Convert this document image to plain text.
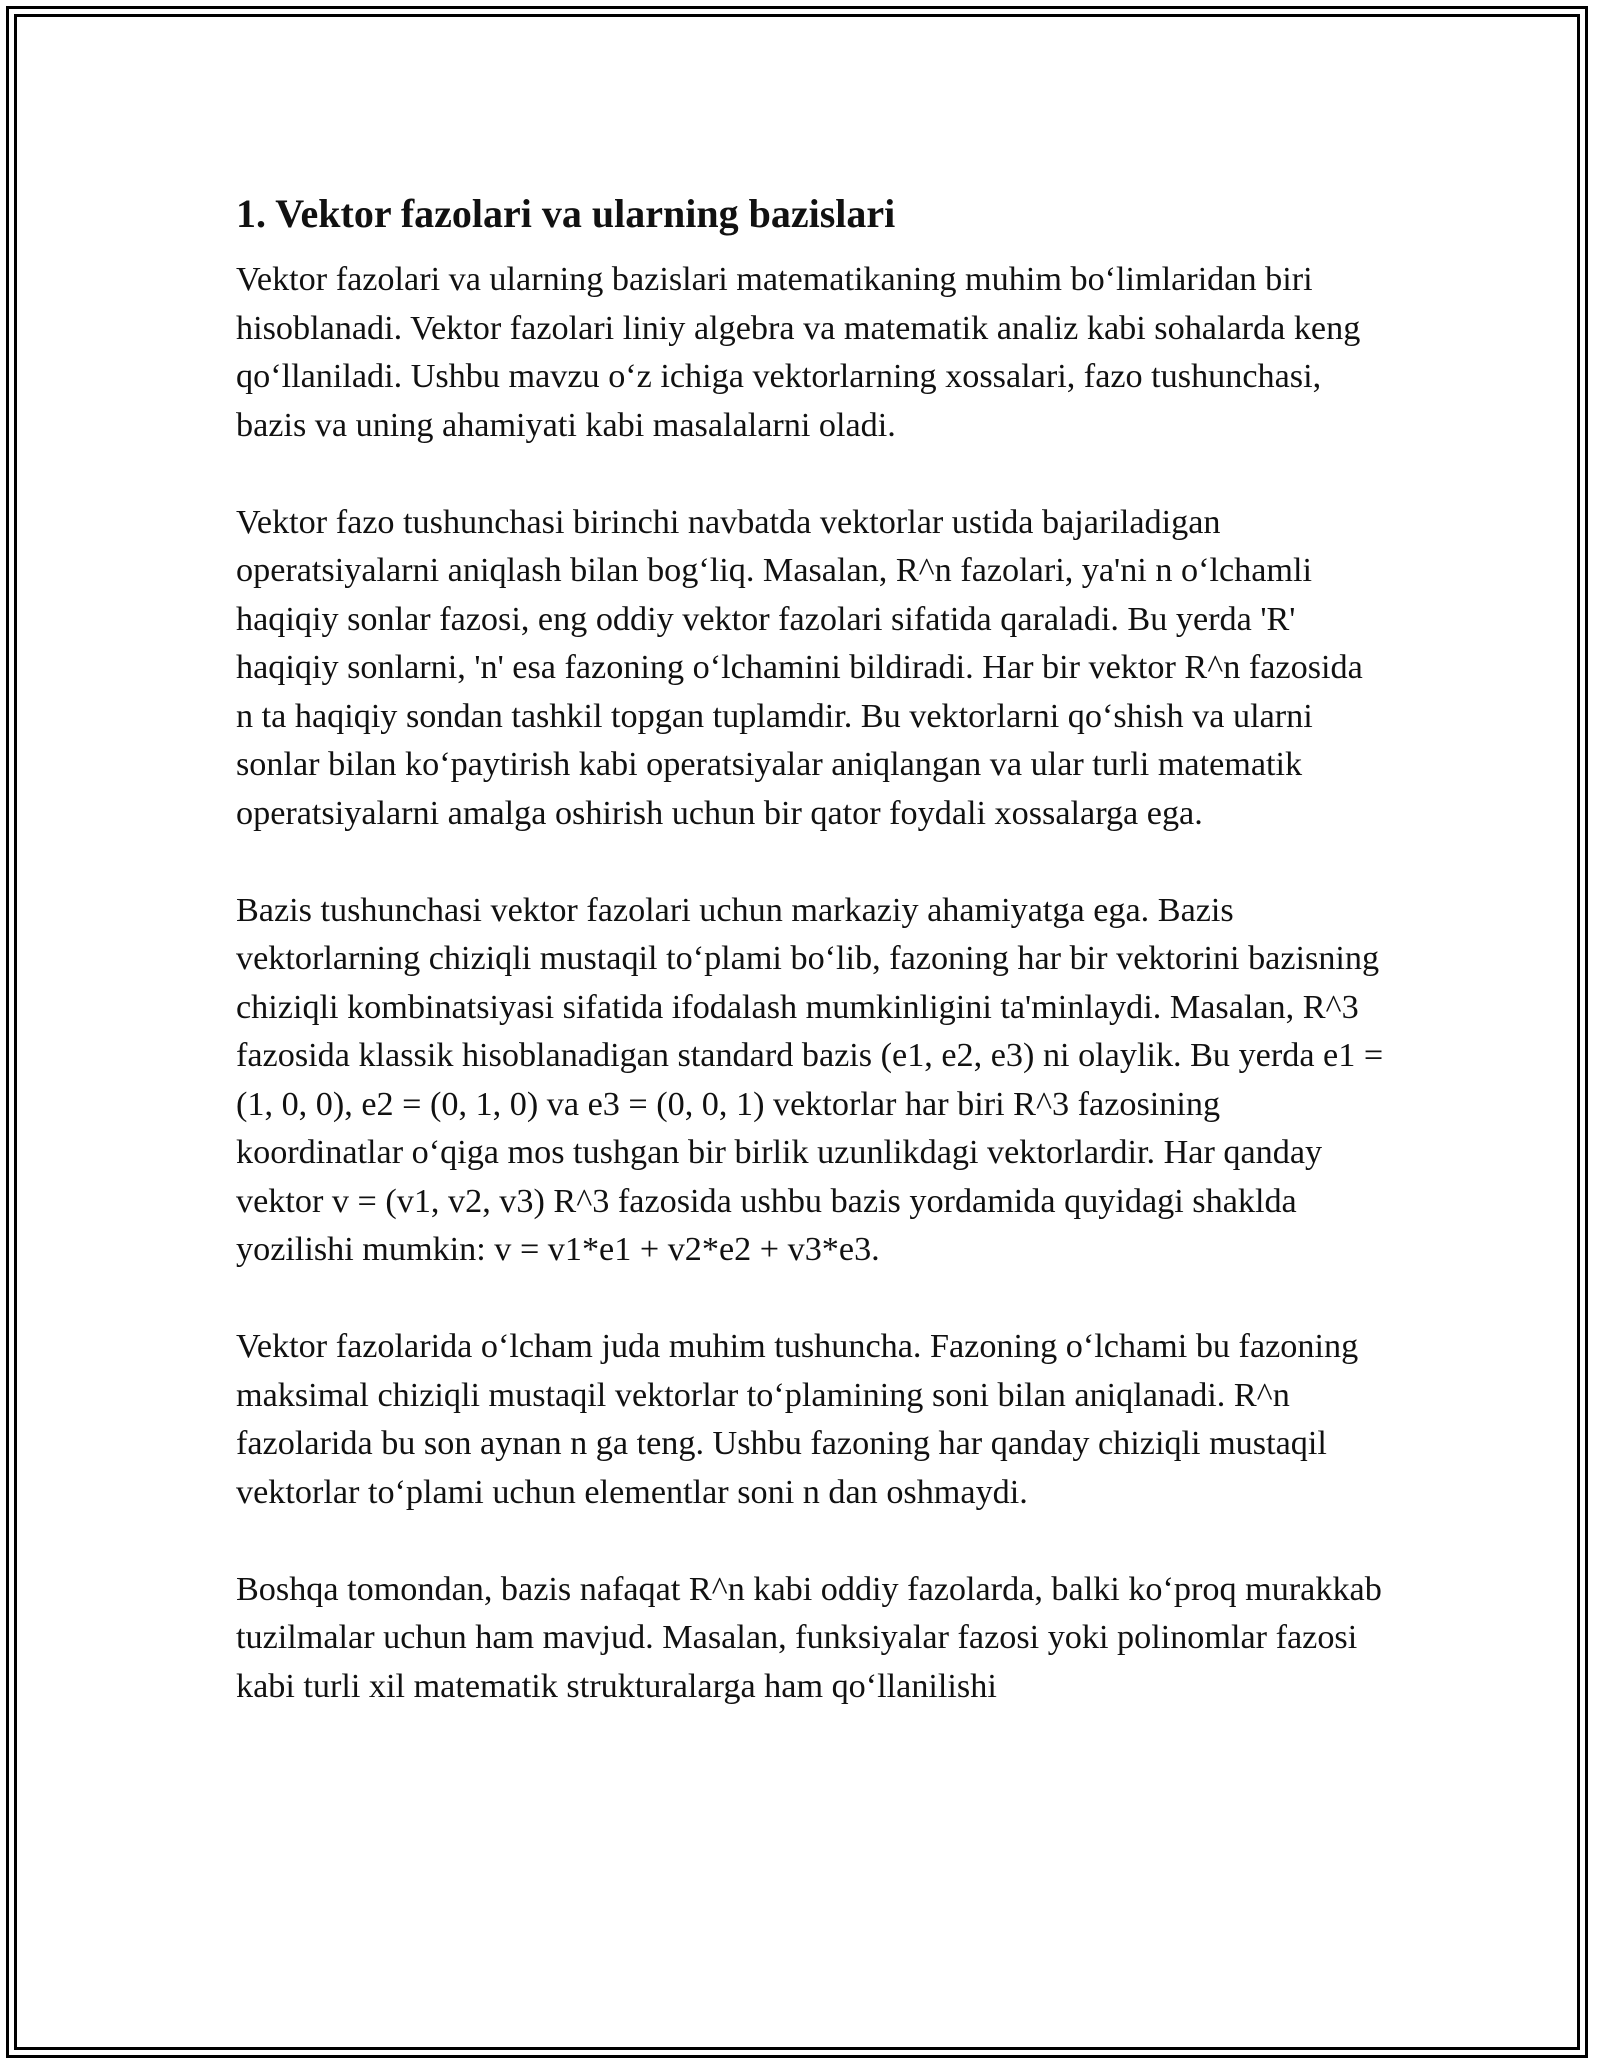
1. Vektor fazolari va ularning bazislari

Vektor fazolari va ularning bazislari matematikaning muhim bo‘limlaridan biri hisoblanadi. Vektor fazolari liniy algebra va matematik analiz kabi sohalarda keng qo‘llaniladi. Ushbu mavzu o‘z ichiga vektorlarning xossalari, fazo tushunchasi, bazis va uning ahamiyati kabi masalalarni oladi.

Vektor fazo tushunchasi birinchi navbatda vektorlar ustida bajariladigan operatsiyalarni aniqlash bilan bog‘liq. Masalan, R^n fazolari, ya'ni n o‘lchamli haqiqiy sonlar fazosi, eng oddiy vektor fazolari sifatida qaraladi. Bu yerda 'R' haqiqiy sonlarni, 'n' esa fazoning o‘lchamini bildiradi. Har bir vektor R^n fazosida n ta haqiqiy sondan tashkil topgan tuplamdir. Bu vektorlarni qo‘shish va ularni sonlar bilan ko‘paytirish kabi operatsiyalar aniqlangan va ular turli matematik operatsiyalarni amalga oshirish uchun bir qator foydali xossalarga ega.

Bazis tushunchasi vektor fazolari uchun markaziy ahamiyatga ega. Bazis vektorlarning chiziqli mustaqil to‘plami bo‘lib, fazoning har bir vektorini bazisning chiziqli kombinatsiyasi sifatida ifodalash mumkinligini ta'minlaydi. Masalan, R^3 fazosida klassik hisoblanadigan standard bazis (e1, e2, e3) ni olaylik. Bu yerda e1 = (1, 0, 0), e2 = (0, 1, 0) va e3 = (0, 0, 1) vektorlar har biri R^3 fazosining koordinatlar o‘qiga mos tushgan bir birlik uzunlikdagi vektorlardir. Har qanday vektor v = (v1, v2, v3) R^3 fazosida ushbu bazis yordamida quyidagi shaklda yozilishi mumkin: v = v1*e1 + v2*e2 + v3*e3.

Vektor fazolarida o‘lcham juda muhim tushuncha. Fazoning o‘lchami bu fazoning maksimal chiziqli mustaqil vektorlar to‘plamining soni bilan aniqlanadi. R^n fazolarida bu son aynan n ga teng. Ushbu fazoning har qanday chiziqli mustaqil vektorlar to‘plami uchun elementlar soni n dan oshmaydi.

Boshqa tomondan, bazis nafaqat R^n kabi oddiy fazolarda, balki ko‘proq murakkab tuzilmalar uchun ham mavjud. Masalan, funksiyalar fazosi yoki polinomlar fazosi kabi turli xil matematik strukturalarga ham qo‘llanilishi
